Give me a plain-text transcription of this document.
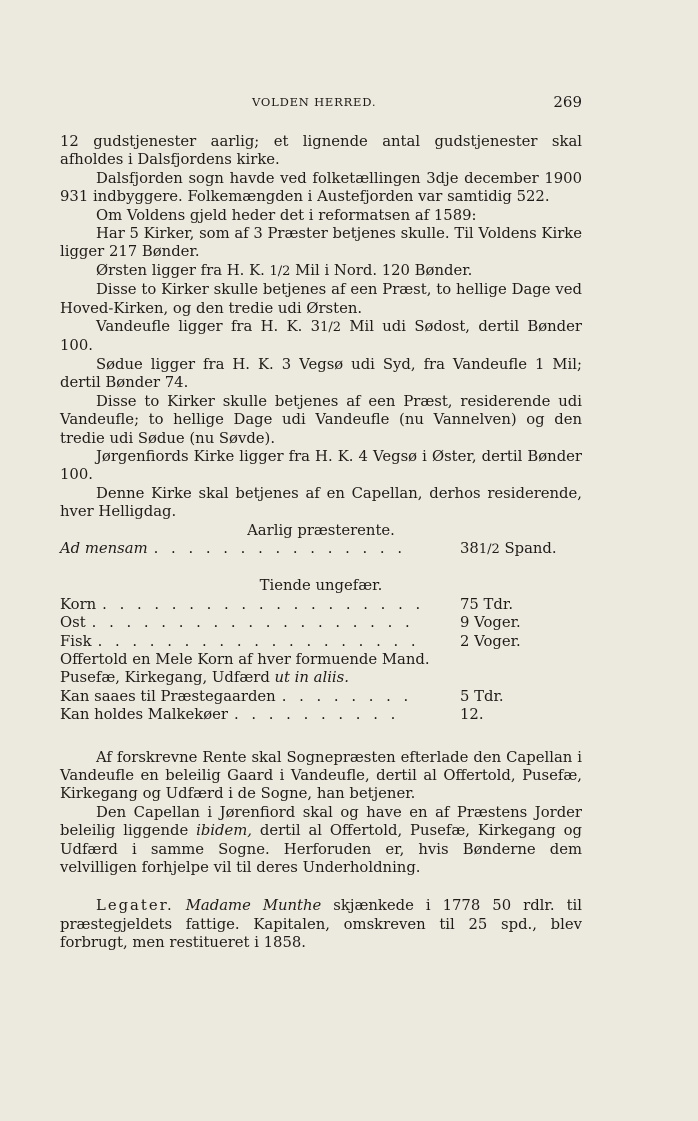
VOLDEN HERRED.	269

12 gudstjenester aarlig; et lignende antal gudstjenester skal afholdes i Dalsfjordens kirke.

Dalsfjorden sogn havde ved folketællingen 3dje december 1900 931 indbyggere. Folkemængden i Austefjorden var samtidig 522.

Om Voldens gjeld heder det i reformatsen af 1589:

Har 5 Kirker, som af 3 Præster betjenes skulle. Til Voldens Kirke ligger 217 Bønder.

Ørsten ligger fra H. K. 1/2 Mil i Nord. 120 Bønder.

Disse to Kirker skulle betjenes af een Præst, to hellige Dage ved Hoved-Kirken, og den tredie udi Ørsten.

Vandeufle ligger fra H. K. 31/2 Mil udi Sødost, dertil Bønder 100.

Sødue ligger fra H. K. 3 Vegsø udi Syd, fra Vandeufle 1 Mil; dertil Bønder 74.

Disse to Kirker skulle betjenes af een Præst, residerende udi Vandeufle; to hellige Dage udi Vandeufle (nu Vannelven) og den tredie udi Sødue (nu Søvde).

Jørgenfiords Kirke ligger fra H. K. 4 Vegsø i Øster, dertil Bønder 100.

Denne Kirke skal betjenes af en Capellan, derhos residerende, hver Helligdag.

Aarlig præsterente.

Ad mensam . . . . . . . . . . . . . . .	381/2 Spand.

Tiende ungefær.

Korn . . . . . . . . . . . . . . . . . . .	75 Tdr.
Ost . . . . . . . . . . . . . . . . . . .	9 Voger.
Fisk . . . . . . . . . . . . . . . . . . .	2 Voger.

Offertold en Mele Korn af hver formuende Mand.

Pusefæ, Kirkegang, Udfærd ut in aliis.

Kan saaes til Præstegaarden . . . . . . . .	5 Tdr.
Kan holdes Malkekøer . . . . . . . . . .	12.

Af forskrevne Rente skal Sognepræsten efterlade den Capellan i Vandeufle en beleilig Gaard i Vandeufle, dertil al Offertold, Pusefæ, Kirkegang og Udfærd i de Sogne, han betjener.

Den Capellan i Jørenfiord skal og have en af Præstens Jorder beleilig liggende ibidem, dertil al Offertold, Pusefæ, Kirkegang og Udfærd i samme Sogne. Herforuden er, hvis Bønderne dem velvilligen forhjelpe vil til deres Underholdning.

Legater. Madame Munthe skjænkede i 1778 50 rdlr. til præstegjeldets fattige. Kapitalen, omskreven til 25 spd., blev forbrugt, men restitueret i 1858.
